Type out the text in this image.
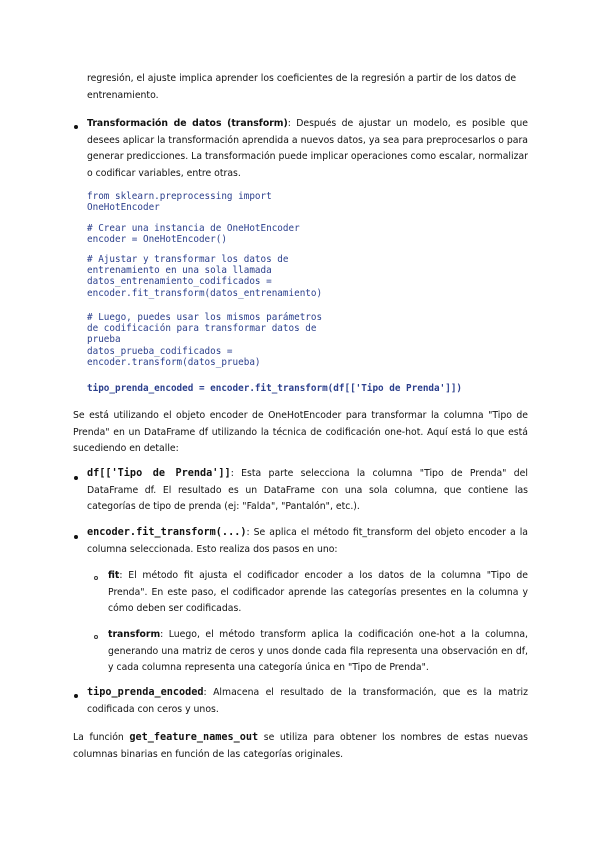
regresión, el ajuste implica aprender los coeficientes de la regresión a partir de los datos de
entrenamiento.
Transformación de datos (transform): Después de ajustar un modelo, es posible que desees aplicar la transformación aprendida a nuevos datos, ya sea para preprocesarlos o para generar predicciones. La transformación puede implicar operaciones como escalar, normalizar o codificar variables, entre otras.
from sklearn.preprocessing import
OneHotEncoder
# Crear una instancia de OneHotEncoder
encoder = OneHotEncoder()
# Ajustar y transformar los datos de
entrenamiento en una sola llamada
datos_entrenamiento_codificados =
encoder.fit_transform(datos_entrenamiento)
# Luego, puedes usar los mismos parámetros
de codificación para transformar datos de
prueba
datos_prueba_codificados =
encoder.transform(datos_prueba)
tipo_prenda_encoded = encoder.fit_transform(df[['Tipo de Prenda']])
Se está utilizando el objeto encoder de OneHotEncoder para transformar la columna "Tipo de Prenda" en un DataFrame df utilizando la técnica de codificación one-hot. Aquí está lo que está sucediendo en detalle:
df[['Tipo de Prenda']]: Esta parte selecciona la columna "Tipo de Prenda" del DataFrame df. El resultado es un DataFrame con una sola columna, que contiene las categorías de tipo de prenda (ej: "Falda", "Pantalón", etc.).
encoder.fit_transform(...): Se aplica el método fit_transform del objeto encoder a la columna seleccionada. Esto realiza dos pasos en uno:
fit: El método fit ajusta el codificador encoder a los datos de la columna "Tipo de Prenda". En este paso, el codificador aprende las categorías presentes en la columna y cómo deben ser codificadas.
transform: Luego, el método transform aplica la codificación one-hot a la columna, generando una matriz de ceros y unos donde cada fila representa una observación en df, y cada columna representa una categoría única en "Tipo de Prenda".
tipo_prenda_encoded: Almacena el resultado de la transformación, que es la matriz codificada con ceros y unos.
La función get_feature_names_out se utiliza para obtener los nombres de estas nuevas columnas binarias en función de las categorías originales.
